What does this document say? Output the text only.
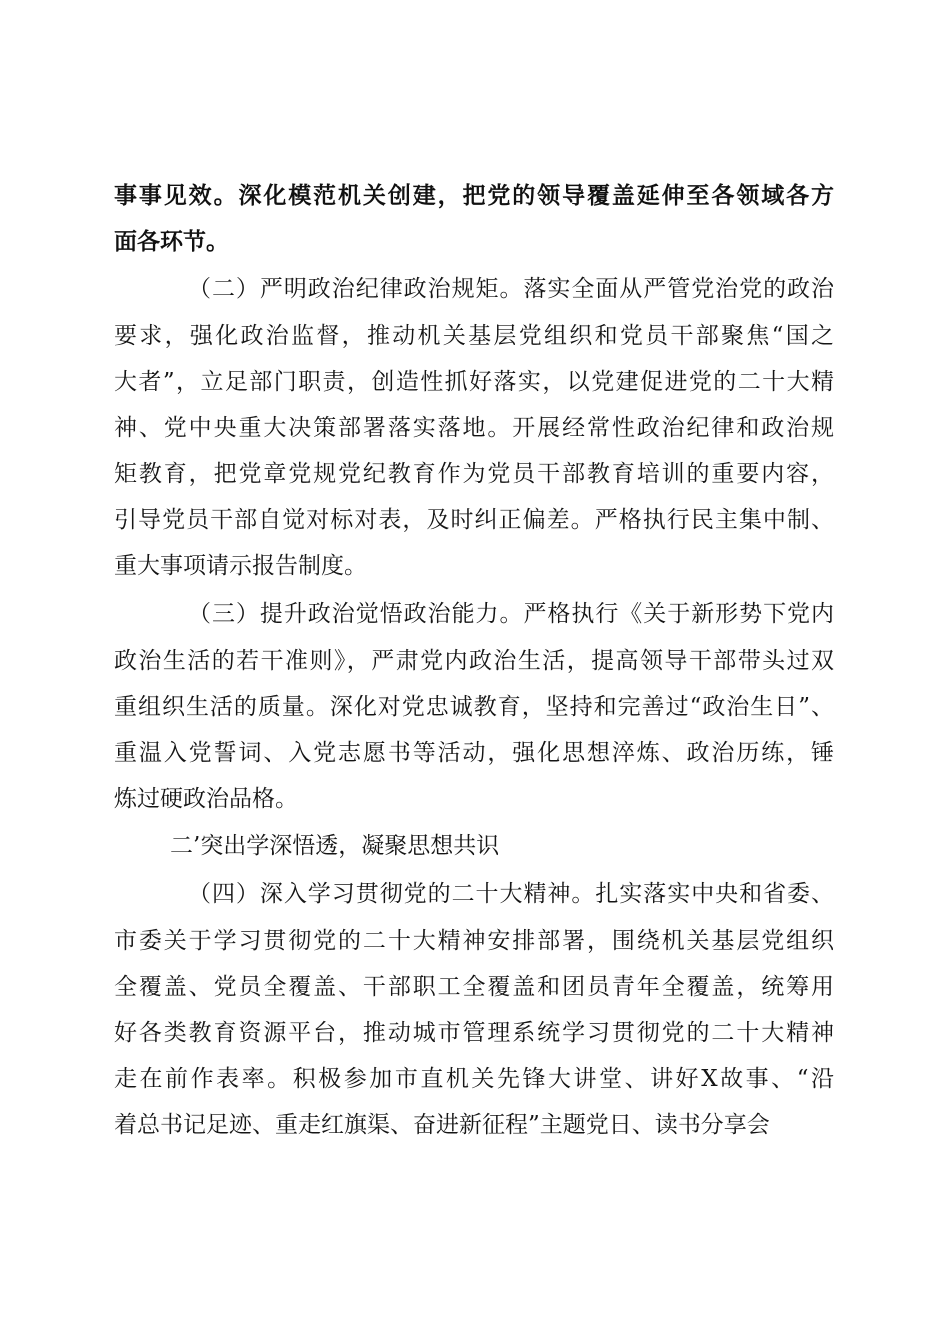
事事见效。深化模范机关创建，把党的领导覆盖延伸至各领域各方
面各环节。
（二）严明政治纪律政治规矩。落实全面从严管党治党的政治
要求，强化政治监督，推动机关基层党组织和党员干部聚焦“国之
大者”，立足部门职责，创造性抓好落实，以党建促进党的二十大精
神、党中央重大决策部署落实落地。开展经常性政治纪律和政治规
矩教育，把党章党规党纪教育作为党员干部教育培训的重要内容，
引导党员干部自觉对标对表，及时纠正偏差。严格执行民主集中制、
重大事项请示报告制度。
（三）提升政治觉悟政治能力。严格执行《关于新形势下党内
政治生活的若干准则》，严肃党内政治生活，提高领导干部带头过双
重组织生活的质量。深化对党忠诚教育，坚持和完善过“政治生日”、
重温入党誓词、入党志愿书等活动，强化思想淬炼、政治历练，锤
炼过硬政治品格。
二’突出学深悟透，凝聚思想共识
（四）深入学习贯彻党的二十大精神。扎实落实中央和省委、
市委关于学习贯彻党的二十大精神安排部署，围绕机关基层党组织
全覆盖、党员全覆盖、干部职工全覆盖和团员青年全覆盖，统筹用
好各类教育资源平台，推动城市管理系统学习贯彻党的二十大精神
走在前作表率。积极参加市直机关先锋大讲堂、讲好X故事、“沿
着总书记足迹、重走红旗渠、奋进新征程”主题党日、读书分享会
